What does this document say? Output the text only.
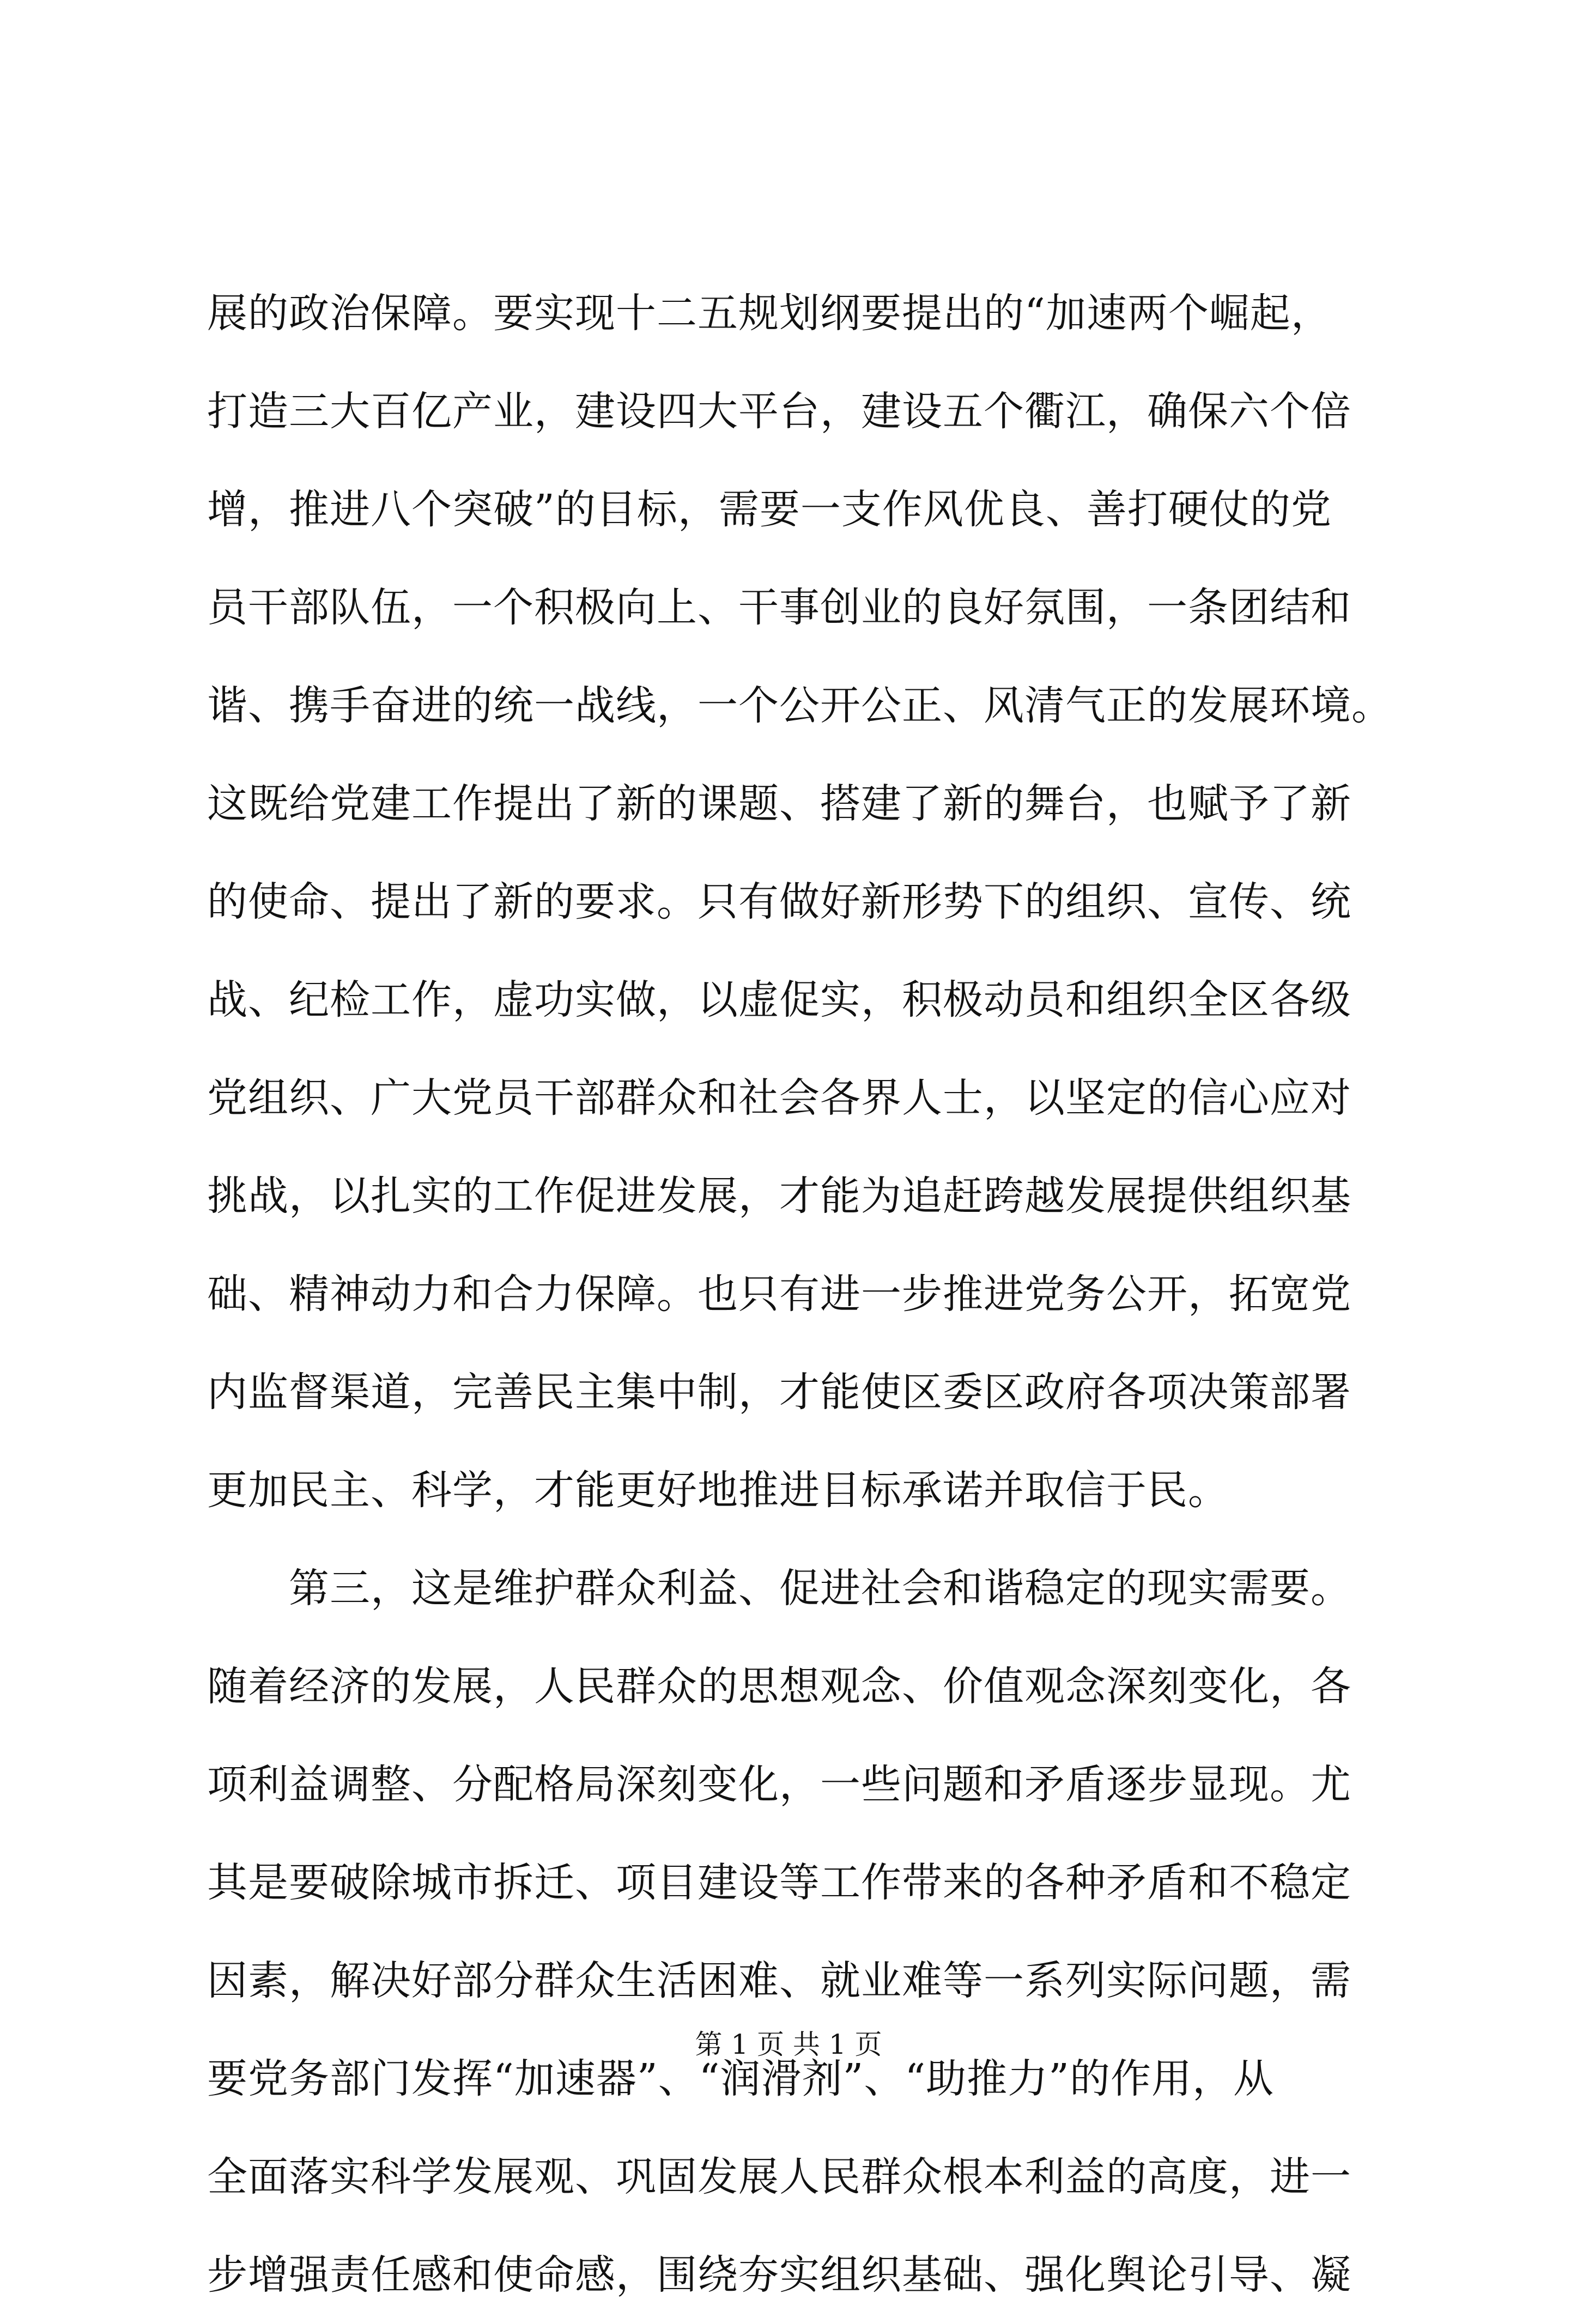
展的政治保障。要实现十二五规划纲要提出的“加速两个崛起，
打造三大百亿产业，建设四大平台，建设五个衢江，确保六个倍
增，推进八个突破”的目标，需要一支作风优良、善打硬仗的党
员干部队伍，一个积极向上、干事创业的良好氛围，一条团结和
谐、携手奋进的统一战线，一个公开公正、风清气正的发展环境。
这既给党建工作提出了新的课题、搭建了新的舞台，也赋予了新
的使命、提出了新的要求。只有做好新形势下的组织、宣传、统
战、纪检工作，虚功实做，以虚促实，积极动员和组织全区各级
党组织、广大党员干部群众和社会各界人士，以坚定的信心应对
挑战，以扎实的工作促进发展，才能为追赶跨越发展提供组织基
础、精神动力和合力保障。也只有进一步推进党务公开，拓宽党
内监督渠道，完善民主集中制，才能使区委区政府各项决策部署
更加民主、科学，才能更好地推进目标承诺并取信于民。
第三，这是维护群众利益、促进社会和谐稳定的现实需要。
随着经济的发展，人民群众的思想观念、价值观念深刻变化，各
项利益调整、分配格局深刻变化，一些问题和矛盾逐步显现。尤
其是要破除城市拆迁、项目建设等工作带来的各种矛盾和不稳定
因素，解决好部分群众生活困难、就业难等一系列实际问题，需
要党务部门发挥“加速器”、“润滑剂”、“助推力”的作用，从
全面落实科学发展观、巩固发展人民群众根本利益的高度，进一
步增强责任感和使命感，围绕夯实组织基础、强化舆论引导、凝
第 1 页 共 1 页
